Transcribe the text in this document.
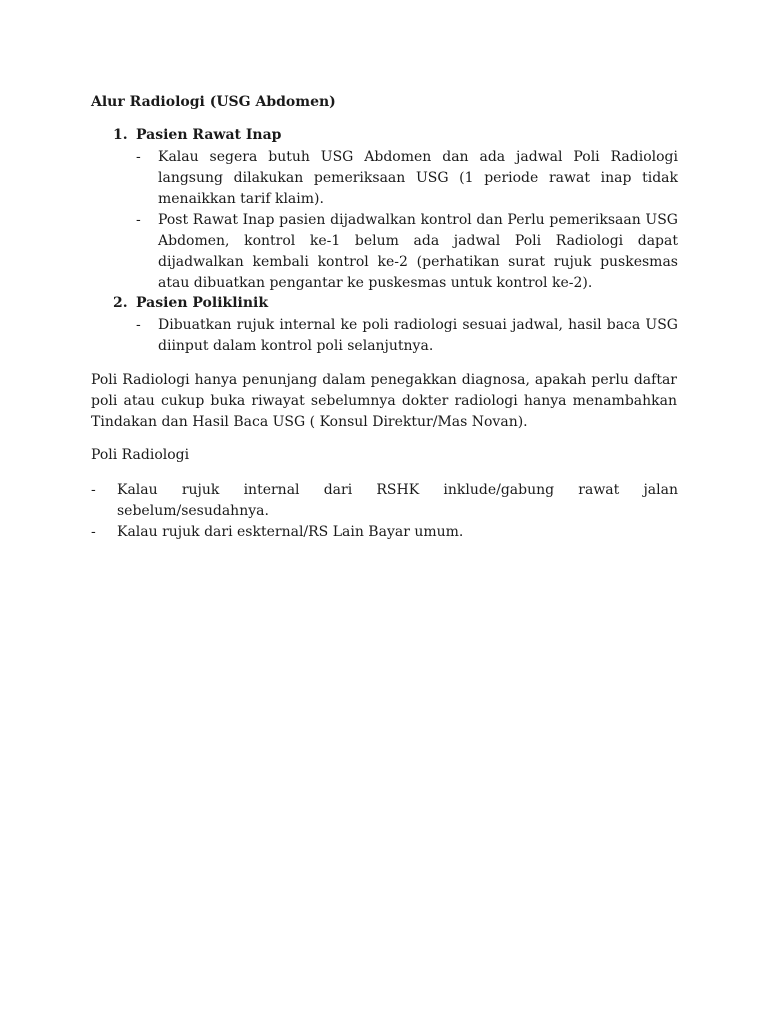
Alur Radiologi (USG Abdomen)
1. Pasien Rawat Inap
- Kalau segera butuh USG Abdomen dan ada jadwal Poli Radiologi langsung dilakukan pemeriksaan USG (1 periode rawat inap tidak menaikkan tarif klaim).
- Post Rawat Inap pasien dijadwalkan kontrol dan Perlu pemeriksaan USG Abdomen, kontrol ke-1 belum ada jadwal Poli Radiologi dapat dijadwalkan kembali kontrol ke-2 (perhatikan surat rujuk puskesmas atau dibuatkan pengantar ke puskesmas untuk kontrol ke-2).
2. Pasien Poliklinik
- Dibuatkan rujuk internal ke poli radiologi sesuai jadwal, hasil baca USG diinput dalam kontrol poli selanjutnya.
Poli Radiologi hanya penunjang dalam penegakkan diagnosa, apakah perlu daftar poli atau cukup buka riwayat sebelumnya dokter radiologi hanya menambahkan Tindakan dan Hasil Baca USG ( Konsul Direktur/Mas Novan).
Poli Radiologi
- Kalau rujuk internal dari RSHK inklude/gabung rawat jalan sebelum/sesudahnya.
- Kalau rujuk dari eskternal/RS Lain Bayar umum.
